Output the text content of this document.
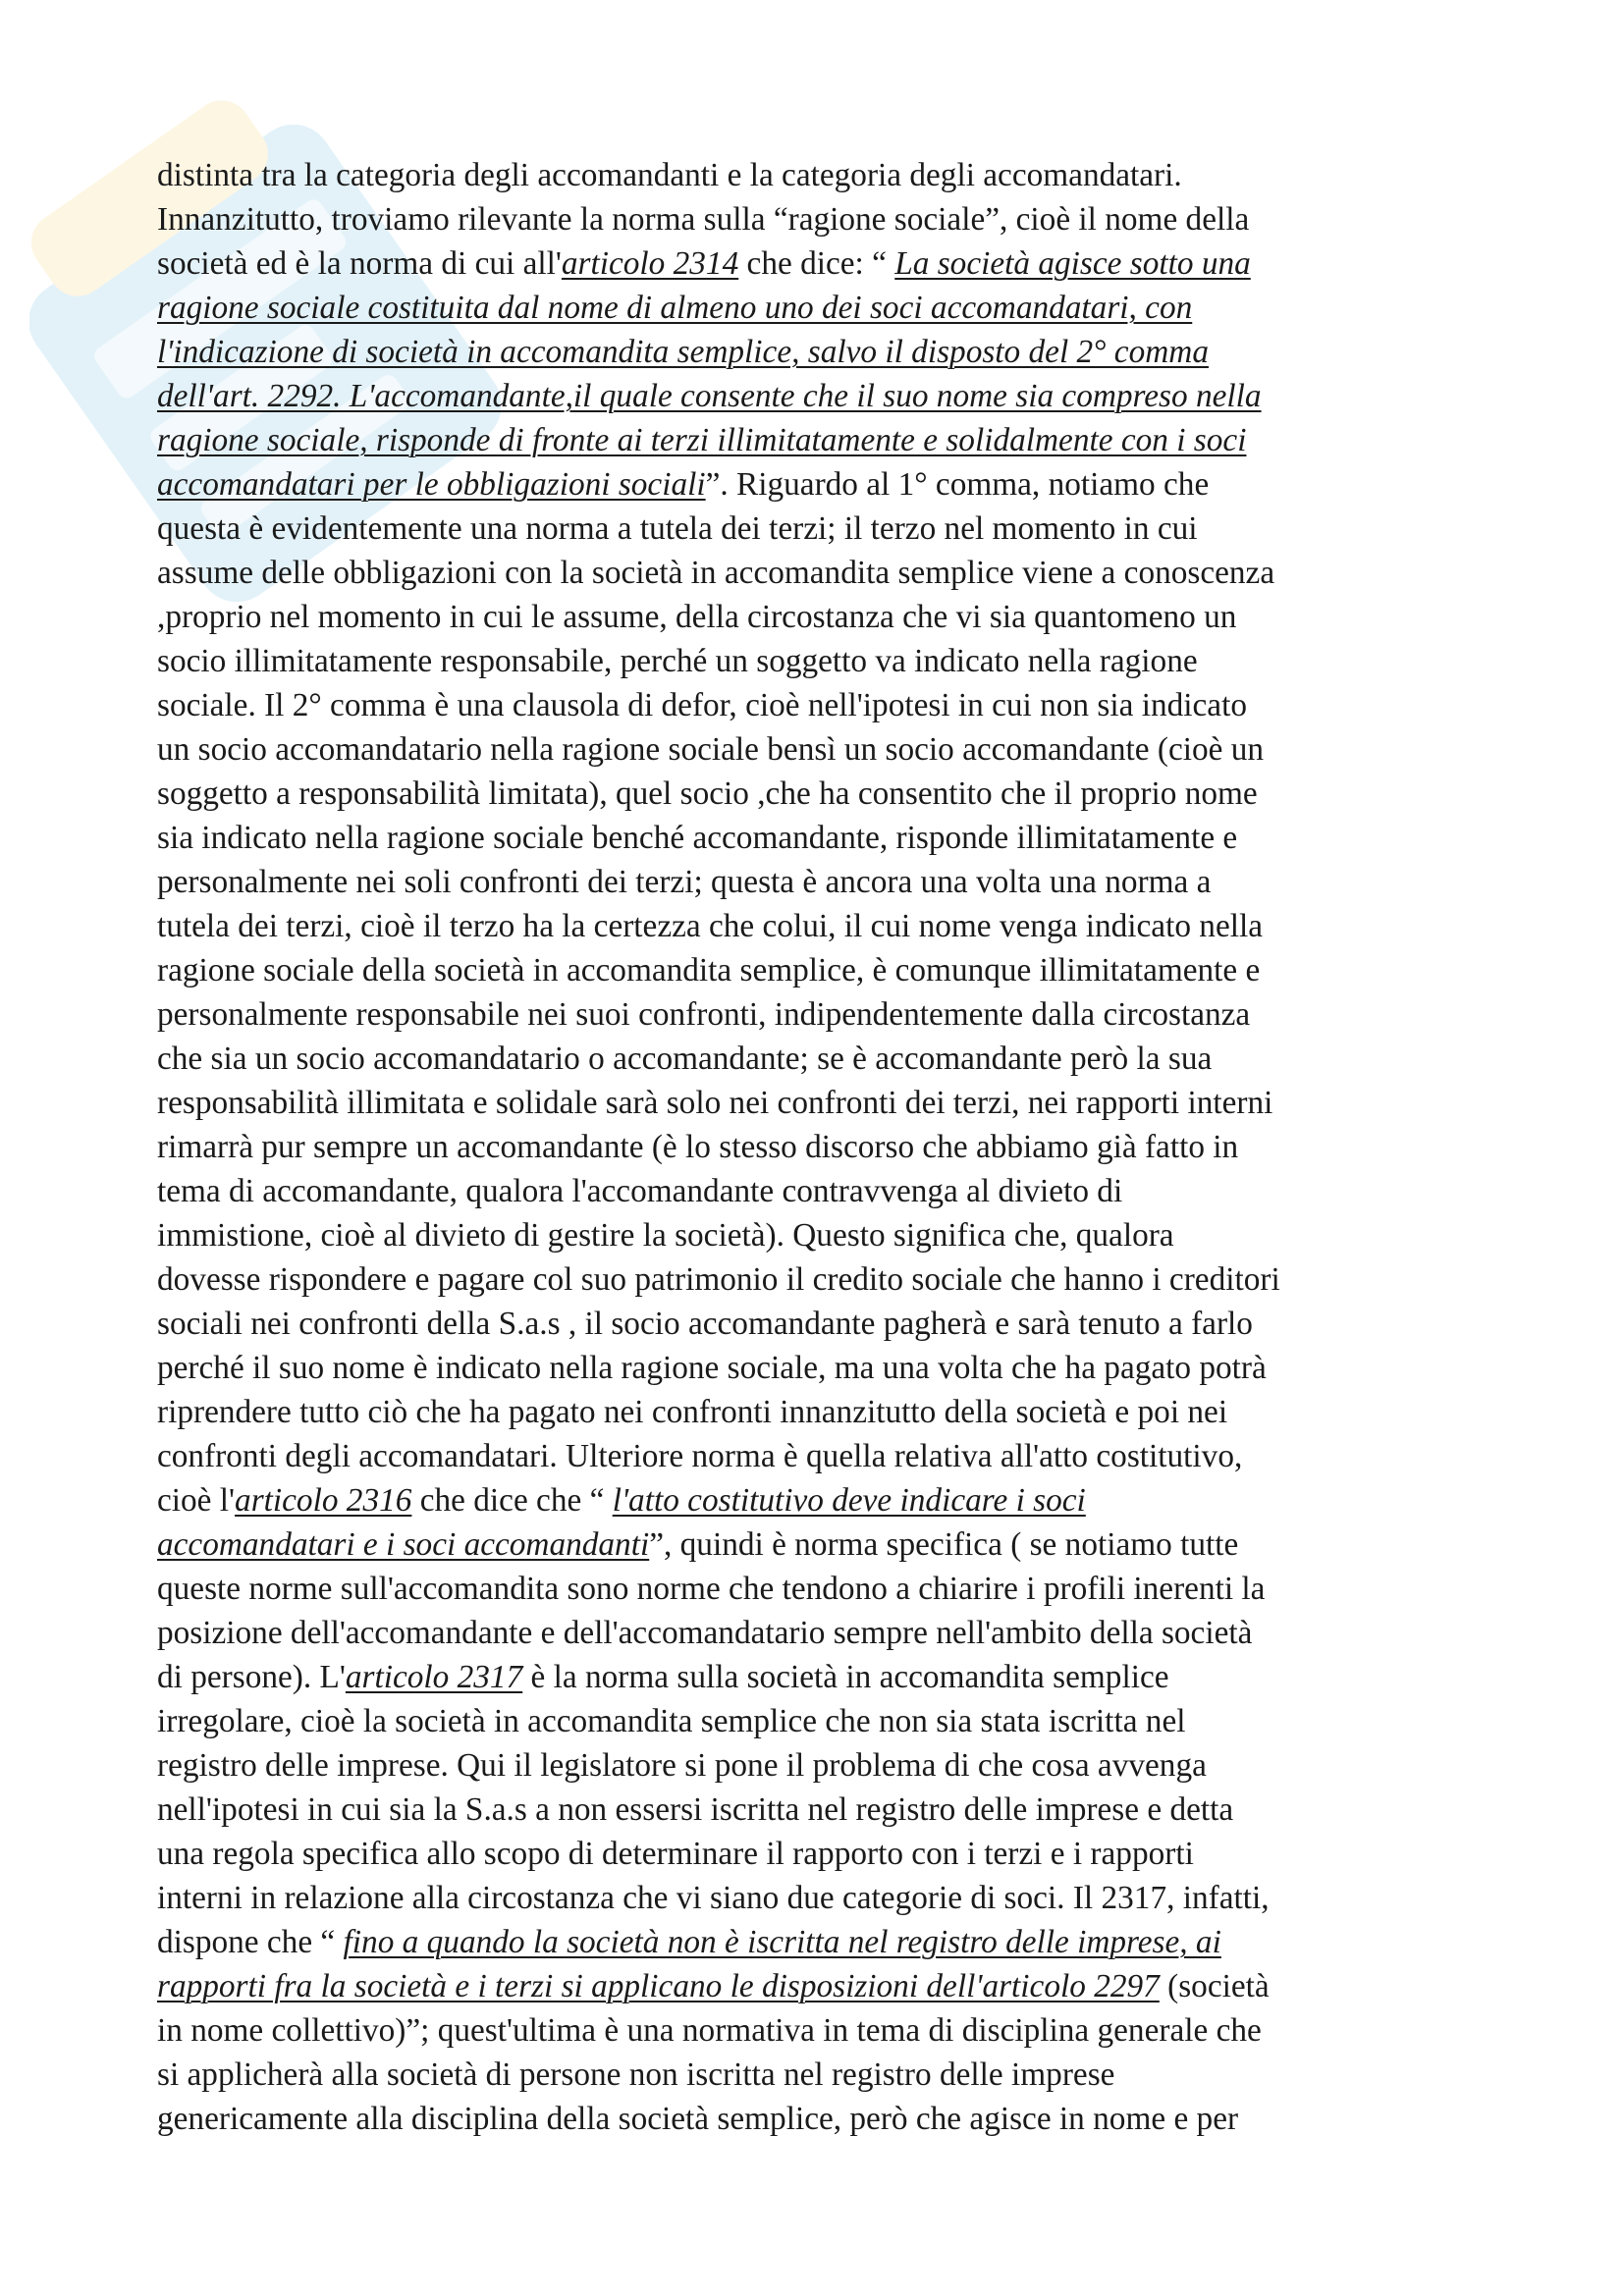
distinta tra la categoria degli accomandanti e la categoria degli accomandatari.
Innanzitutto, troviamo rilevante la norma sulla “ragione sociale”, cioè il nome della
società ed è la norma di cui all'articolo 2314 che dice: “ La società agisce sotto una
ragione sociale costituita dal nome di almeno uno dei soci accomandatari, con
l'indicazione di società in accomandita semplice, salvo il disposto del 2° comma
dell'art. 2292. L'accomandante,il quale consente che il suo nome sia compreso nella
ragione sociale, risponde di fronte ai terzi illimitatamente e solidalmente con i soci
accomandatari per le obbligazioni sociali”. Riguardo al 1° comma, notiamo che
questa è evidentemente una norma a tutela dei terzi; il terzo nel momento in cui
assume delle obbligazioni con la società in accomandita semplice viene a conoscenza
,proprio nel momento in cui le assume, della circostanza che vi sia quantomeno un
socio illimitatamente responsabile, perché un soggetto va indicato nella ragione
sociale. Il 2° comma è una clausola di defor, cioè nell'ipotesi in cui non sia indicato
un socio accomandatario nella ragione sociale bensì un socio accomandante (cioè un
soggetto a responsabilità limitata), quel socio ,che ha consentito che il proprio nome
sia indicato nella ragione sociale benché accomandante, risponde illimitatamente e
personalmente nei soli confronti dei terzi; questa è ancora una volta una norma a
tutela dei terzi, cioè il terzo ha la certezza che colui, il cui nome venga indicato nella
ragione sociale della società in accomandita semplice, è comunque illimitatamente e
personalmente responsabile nei suoi confronti, indipendentemente dalla circostanza
che sia un socio accomandatario o accomandante; se è accomandante però la sua
responsabilità illimitata e solidale sarà solo nei confronti dei terzi, nei rapporti interni
rimarrà pur sempre un accomandante (è lo stesso discorso che abbiamo già fatto in
tema di accomandante, qualora l'accomandante contravvenga al divieto di
immistione, cioè al divieto di gestire la società). Questo significa che, qualora
dovesse rispondere e pagare col suo patrimonio il credito sociale che hanno i creditori
sociali nei confronti della S.a.s , il socio accomandante pagherà e sarà tenuto a farlo
perché il suo nome è indicato nella ragione sociale, ma una volta che ha pagato potrà
riprendere tutto ciò che ha pagato nei confronti innanzitutto della società e poi nei
confronti degli accomandatari. Ulteriore norma è quella relativa all'atto costitutivo,
cioè l'articolo 2316 che dice che “ l'atto costitutivo deve indicare i soci
accomandatari e i soci accomandanti”, quindi è norma specifica ( se notiamo tutte
queste norme sull'accomandita sono norme che tendono a chiarire i profili inerenti la
posizione dell'accomandante e dell'accomandatario sempre nell'ambito della società
di persone). L'articolo 2317 è la norma sulla società in accomandita semplice
irregolare, cioè la società in accomandita semplice che non sia stata iscritta nel
registro delle imprese. Qui il legislatore si pone il problema di che cosa avvenga
nell'ipotesi in cui sia la S.a.s a non essersi iscritta nel registro delle imprese e detta
una regola specifica allo scopo di determinare il rapporto con i terzi e i rapporti
interni in relazione alla circostanza che vi siano due categorie di soci. Il 2317, infatti,
dispone che “ fino a quando la società non è iscritta nel registro delle imprese, ai
rapporti fra la società e i terzi si applicano le disposizioni dell'articolo 2297 (società
in nome collettivo)”; quest'ultima è una normativa in tema di disciplina generale che
si applicherà alla società di persone non iscritta nel registro delle imprese
genericamente alla disciplina della società semplice, però che agisce in nome e per
